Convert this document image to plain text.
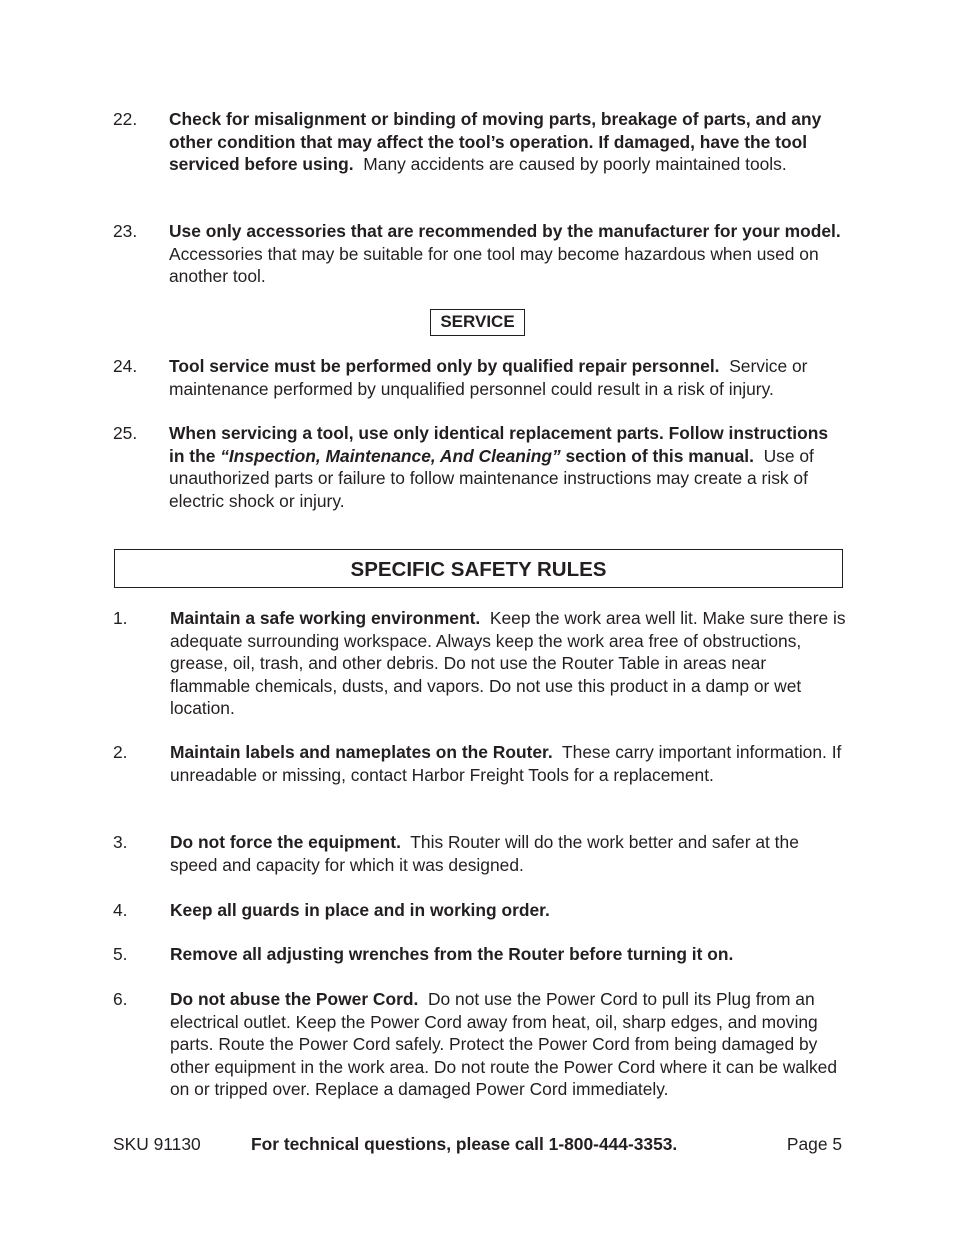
22. Check for misalignment or binding of moving parts, breakage of parts, and any other condition that may affect the tool’s operation. If damaged, have the tool serviced before using. Many accidents are caused by poorly maintained tools.
23. Use only accessories that are recommended by the manufacturer for your model.  Accessories that may be suitable for one tool may become hazardous when used on another tool.
SERVICE
24. Tool service must be performed only by qualified repair personnel. Service or maintenance performed by unqualified personnel could result in a risk of injury.
25. When servicing a tool, use only identical replacement parts. Follow instructions in the “Inspection, Maintenance, And Cleaning” section of this manual. Use of unauthorized parts or failure to follow maintenance instructions may create a risk of electric shock or injury.
SPECIFIC SAFETY RULES
1. Maintain a safe working environment. Keep the work area well lit. Make sure there is adequate surrounding workspace. Always keep the work area free of obstructions, grease, oil, trash, and other debris. Do not use the Router Table in areas near flammable chemicals, dusts, and vapors. Do not use this product in a damp or wet location.
2. Maintain labels and nameplates on the Router. These carry important information. If unreadable or missing, contact Harbor Freight Tools for a replacement.
3. Do not force the equipment. This Router will do the work better and safer at the speed and capacity for which it was designed.
4. Keep all guards in place and in working order.
5. Remove all adjusting wrenches from the Router before turning it on.
6. Do not abuse the Power Cord. Do not use the Power Cord to pull its Plug from an electrical outlet. Keep the Power Cord away from heat, oil, sharp edges, and moving parts. Route the Power Cord safely. Protect the Power Cord from being damaged by other equipment in the work area. Do not route the Power Cord where it can be walked on or tripped over. Replace a damaged Power Cord immediately.
SKU 91130	For technical questions, please call 1-800-444-3353.	Page 5
